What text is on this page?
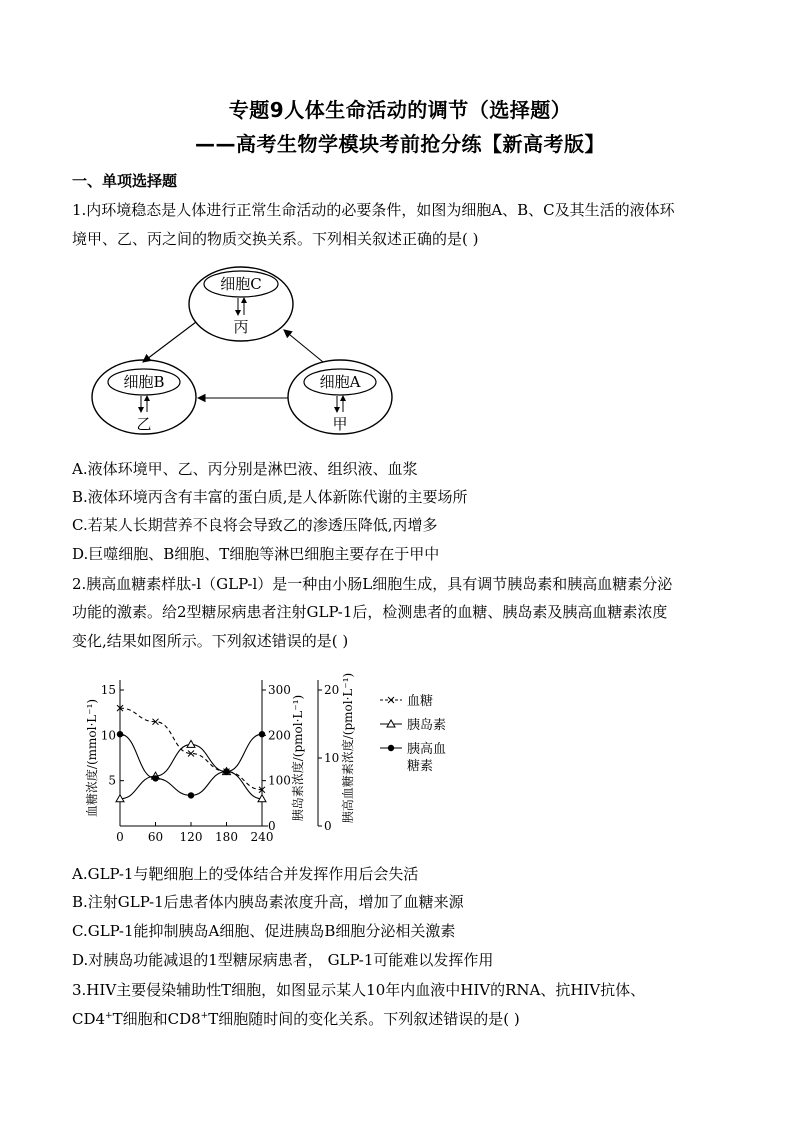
专题9人体生命活动的调节（选择题）
——高考生物学模块考前抢分练【新高考版】
一、单项选择题
1.内环境稳态是人体进行正常生命活动的必要条件，如图为细胞A、B、C及其生活的液体环
境甲、乙、丙之间的物质交换关系。下列相关叙述正确的是( )
细胞C
丙
细胞B
乙
细胞A
甲
A.液体环境甲、乙、丙分别是淋巴液、组织液、血浆
B.液体环境丙含有丰富的蛋白质,是人体新陈代谢的主要场所
C.若某人长期营养不良将会导致乙的渗透压降低,丙增多
D.巨噬细胞、B细胞、T细胞等淋巴细胞主要存在于甲中
2.胰高血糖素样肽-l（GLP-l）是一种由小肠L细胞生成，具有调节胰岛素和胰高血糖素分泌
功能的激素。给2型糖尿病患者注射GLP-1后，检测患者的血糖、胰岛素及胰高血糖素浓度
变化,结果如图所示。下列叙述错误的是( )
0 60 120 180 240
5
10
15
血糖浓度/(mmol·L⁻¹)
0
100
200
300
胰岛素浓度/(pmol·L⁻¹)
0
10
20 胰高血糖素浓度/(pmol·L⁻¹)	血糖
胰岛素
胰高血
糖素
A.GLP-1与靶细胞上的受体结合并发挥作用后会失活
B.注射GLP-1后患者体内胰岛素浓度升高，增加了血糖来源
C.GLP-1能抑制胰岛A细胞、促进胰岛B细胞分泌相关激素
D.对胰岛功能减退的1型糖尿病患者， GLP-1可能难以发挥作用
3.HIV主要侵染辅助性T细胞，如图显示某人10年内血液中HIV的RNA、抗HIV抗体、
CD4+T细胞和CD8+T细胞随时间的变化关系。下列叙述错误的是( )
